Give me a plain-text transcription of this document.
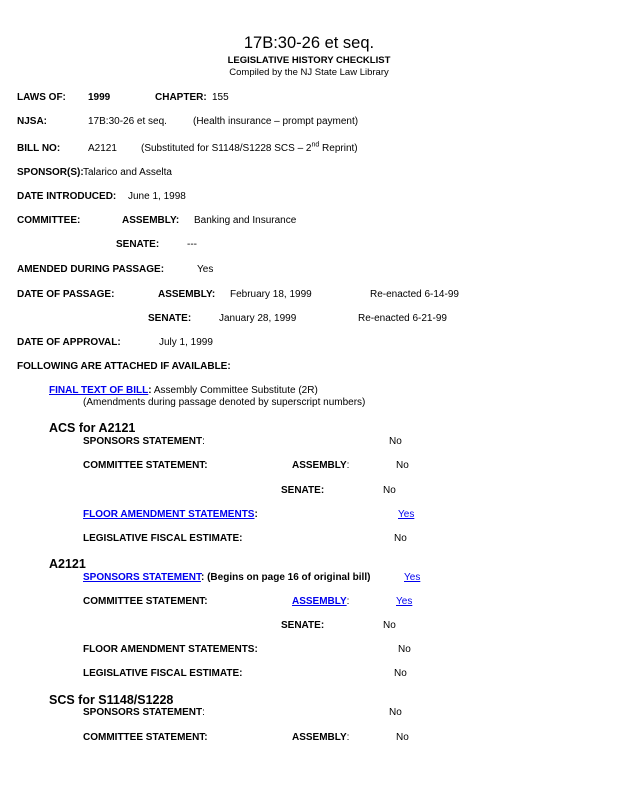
17B:30-26 et seq.
LEGISLATIVE HISTORY CHECKLIST
Compiled by the NJ State Law Library
LAWS OF: 1999	CHAPTER: 155
NJSA:	17B:30-26 et seq.	(Health insurance – prompt payment)
BILL NO:	A2121 (Substituted for S1148/S1228 SCS – 2nd Reprint)
SPONSOR(S): Talarico and Asselta
DATE INTRODUCED: June 1, 1998
COMMITTEE:	ASSEMBLY: Banking and Insurance
SENATE:	---
AMENDED DURING PASSAGE:	Yes
DATE OF PASSAGE:	ASSEMBLY: February 18, 1999	Re-enacted 6-14-99
SENATE:	January 28, 1999	Re-enacted 6-21-99
DATE OF APPROVAL:	July 1, 1999
FOLLOWING ARE ATTACHED IF AVAILABLE:
FINAL TEXT OF BILL: Assembly Committee Substitute (2R)
(Amendments during passage denoted by superscript numbers)
ACS for A2121
SPONSORS STATEMENT:	No
COMMITTEE STATEMENT:	ASSEMBLY:	No
SENATE:	No
FLOOR AMENDMENT STATEMENTS:	Yes
LEGISLATIVE FISCAL ESTIMATE:	No
A2121
SPONSORS STATEMENT: (Begins on page 16 of original bill)	Yes
COMMITTEE STATEMENT:	ASSEMBLY:	Yes
SENATE:	No
FLOOR AMENDMENT STATEMENTS:	No
LEGISLATIVE FISCAL ESTIMATE:	No
SCS for S1148/S1228
SPONSORS STATEMENT:	No
COMMITTEE STATEMENT:	ASSEMBLY:	No
